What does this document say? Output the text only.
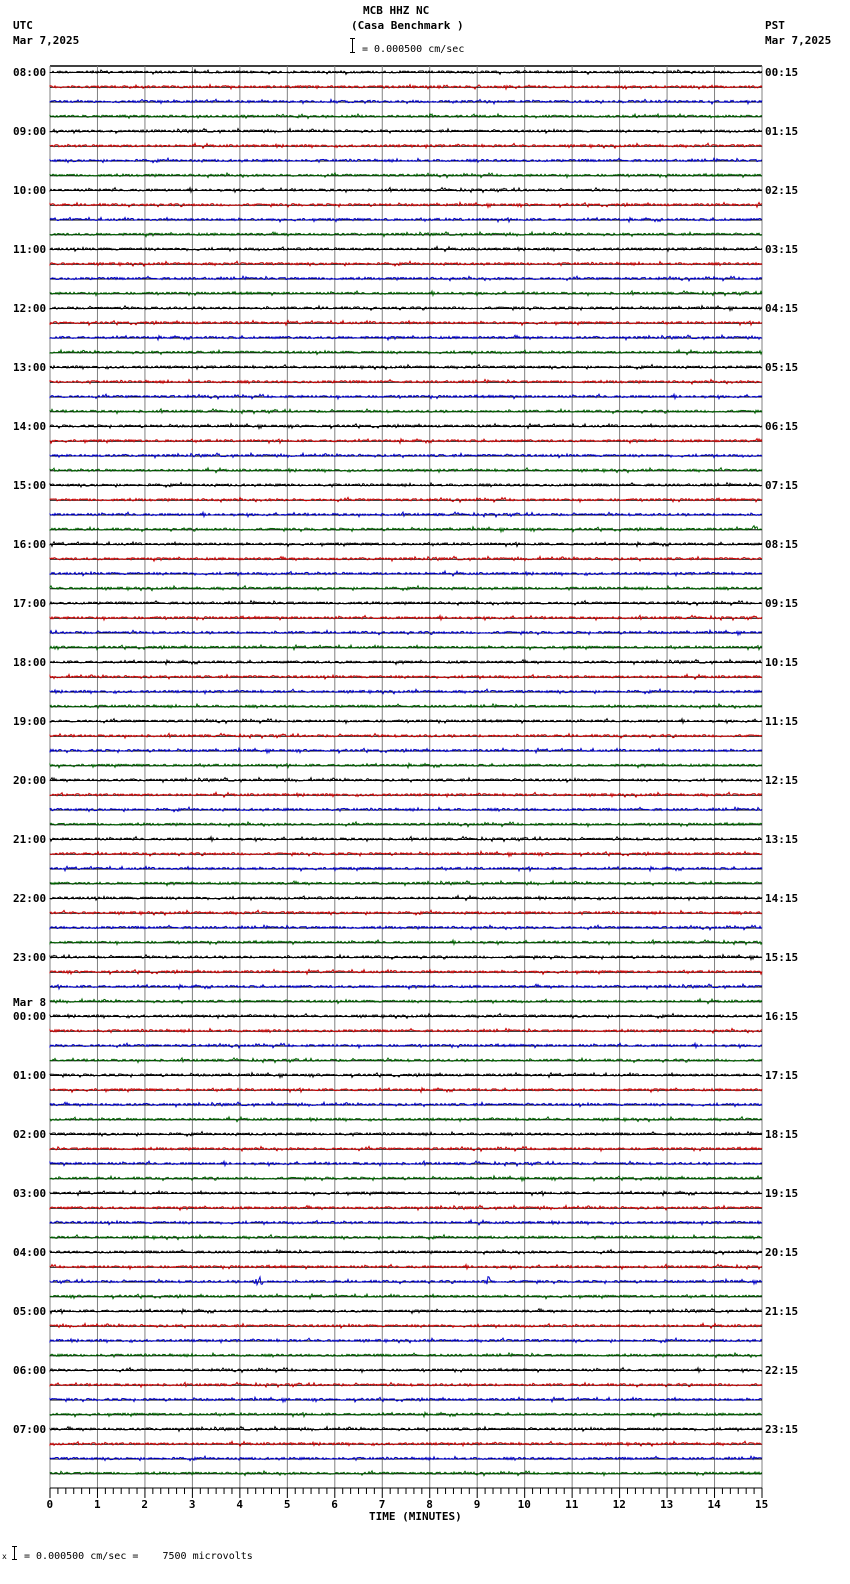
MCB HHZ NC
(Casa Benchmark )
= 0.000500 cm/sec
UTC
Mar 7,2025
PST
Mar 7,2025
08:00
09:00
10:00
11:00
12:00
13:00
14:00
15:00
16:00
17:00
18:00
19:00
20:00
21:00
22:00
23:00
00:00
Mar 8
01:00
02:00
03:00
04:00
05:00
06:00
07:00
00:15
01:15
02:15
03:15
04:15
05:15
06:15
07:15
08:15
09:15
10:15
11:15
12:15
13:15
14:15
15:15
16:15
17:15
18:15
19:15
20:15
21:15
22:15
23:15
0	1	2	3	4	5	6	7	8	9	10	11	12	13	14	15
TIME (MINUTES)
x = 0.000500 cm/sec =    7500 microvolts
